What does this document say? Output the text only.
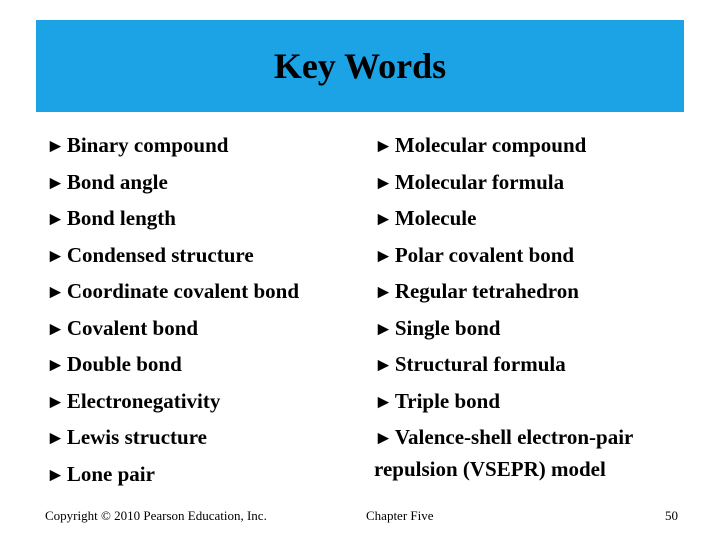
Key Words
►Binary compound
►Bond angle
►Bond length
►Condensed structure
►Coordinate covalent bond
►Covalent bond
►Double bond
►Electronegativity
►Lewis structure
►Lone pair
►Molecular compound
►Molecular formula
►Molecule
►Polar covalent bond
►Regular tetrahedron
►Single bond
►Structural formula
►Triple bond
►Valence-shell electron-pair repulsion (VSEPR) model
Copyright © 2010 Pearson Education, Inc.	Chapter Five	50
